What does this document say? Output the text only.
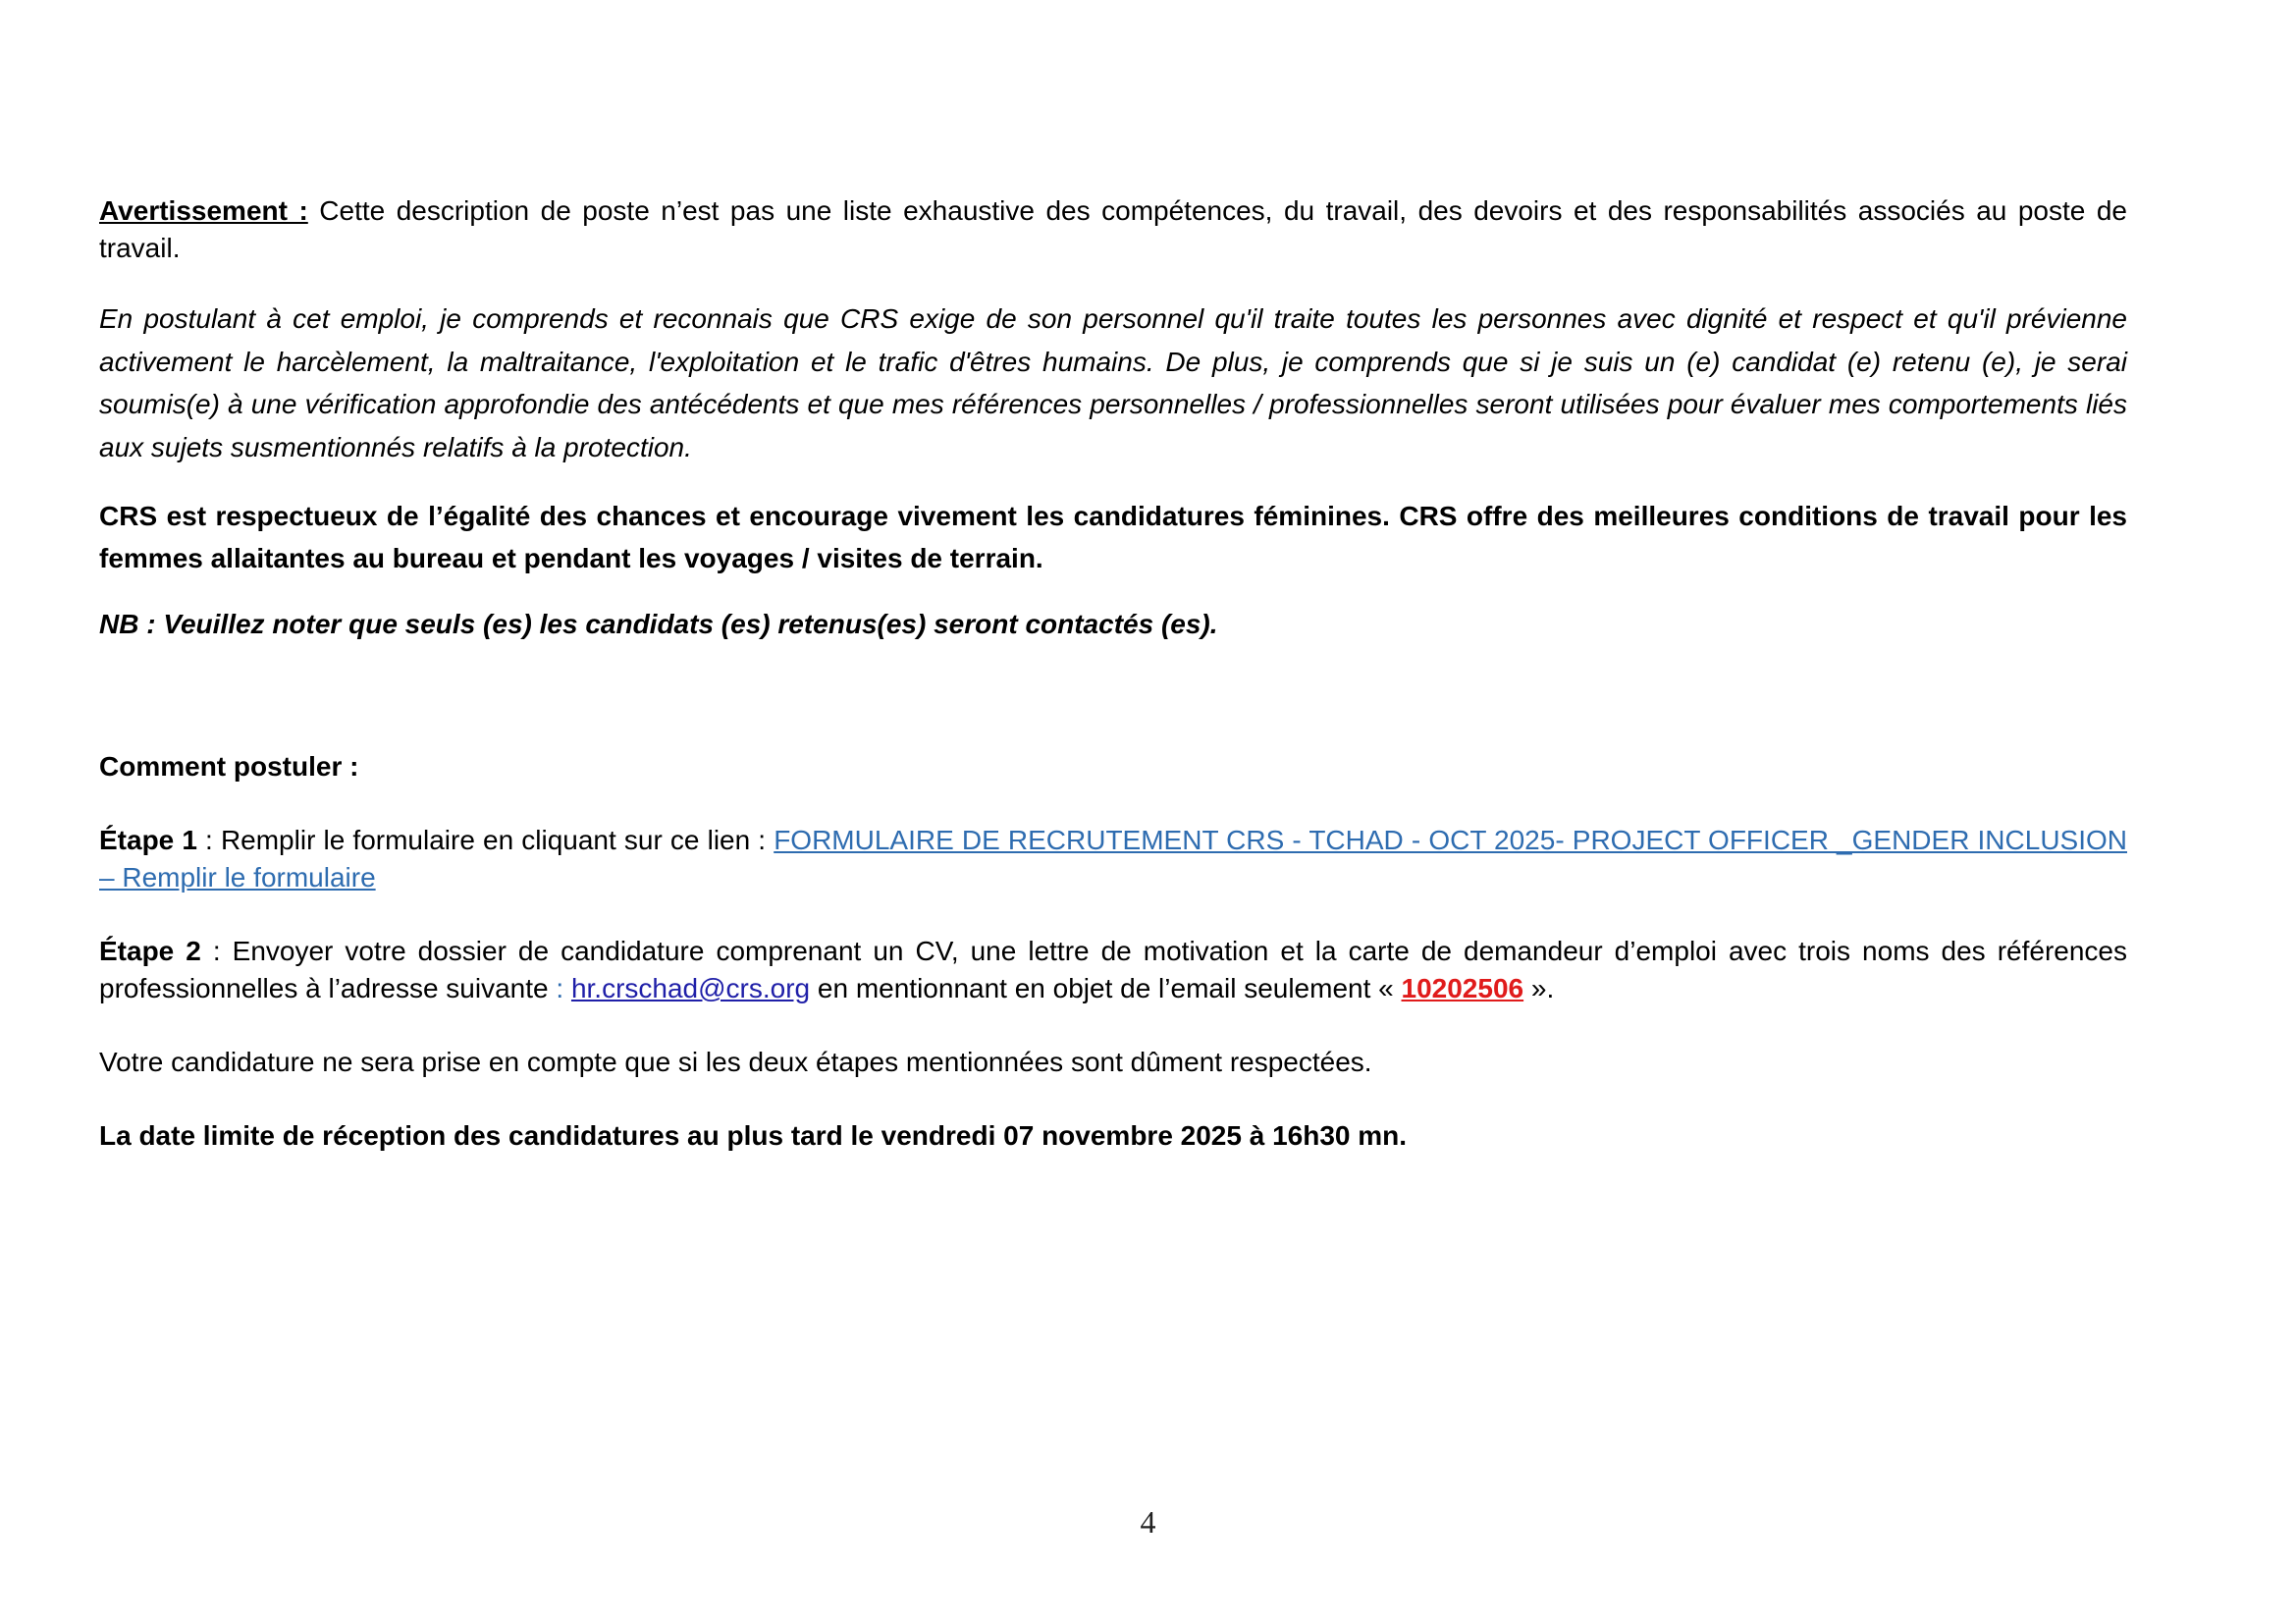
Avertissement : Cette description de poste n’est pas une liste exhaustive des compétences, du travail, des devoirs et des responsabilités associés au poste de travail.

En postulant à cet emploi, je comprends et reconnais que CRS exige de son personnel qu'il traite toutes les personnes avec dignité et respect et qu'il prévienne activement le harcèlement, la maltraitance, l'exploitation et le trafic d'êtres humains. De plus, je comprends que si je suis un (e) candidat (e) retenu (e), je serai soumis(e) à une vérification approfondie des antécédents et que mes références personnelles / professionnelles seront utilisées pour évaluer mes comportements liés aux sujets susmentionnés relatifs à la protection.

CRS est respectueux de l’égalité des chances et encourage vivement les candidatures féminines. CRS offre des meilleures conditions de travail pour les femmes allaitantes au bureau et pendant les voyages / visites de terrain.

NB : Veuillez noter que seuls (es) les candidats (es) retenus(es) seront contactés (es).

Comment postuler :

Étape 1 : Remplir le formulaire en cliquant sur ce lien : FORMULAIRE DE RECRUTEMENT CRS - TCHAD - OCT 2025- PROJECT OFFICER _GENDER INCLUSION – Remplir le formulaire

Étape 2 : Envoyer votre dossier de candidature comprenant un CV, une lettre de motivation et la carte de demandeur d’emploi avec trois noms des références professionnelles à l’adresse suivante : hr.crschad@crs.org en mentionnant en objet de l’email seulement « 10202506 ».

Votre candidature ne sera prise en compte que si les deux étapes mentionnées sont dûment respectées.

La date limite de réception des candidatures au plus tard le vendredi 07 novembre 2025 à 16h30 mn.

4
